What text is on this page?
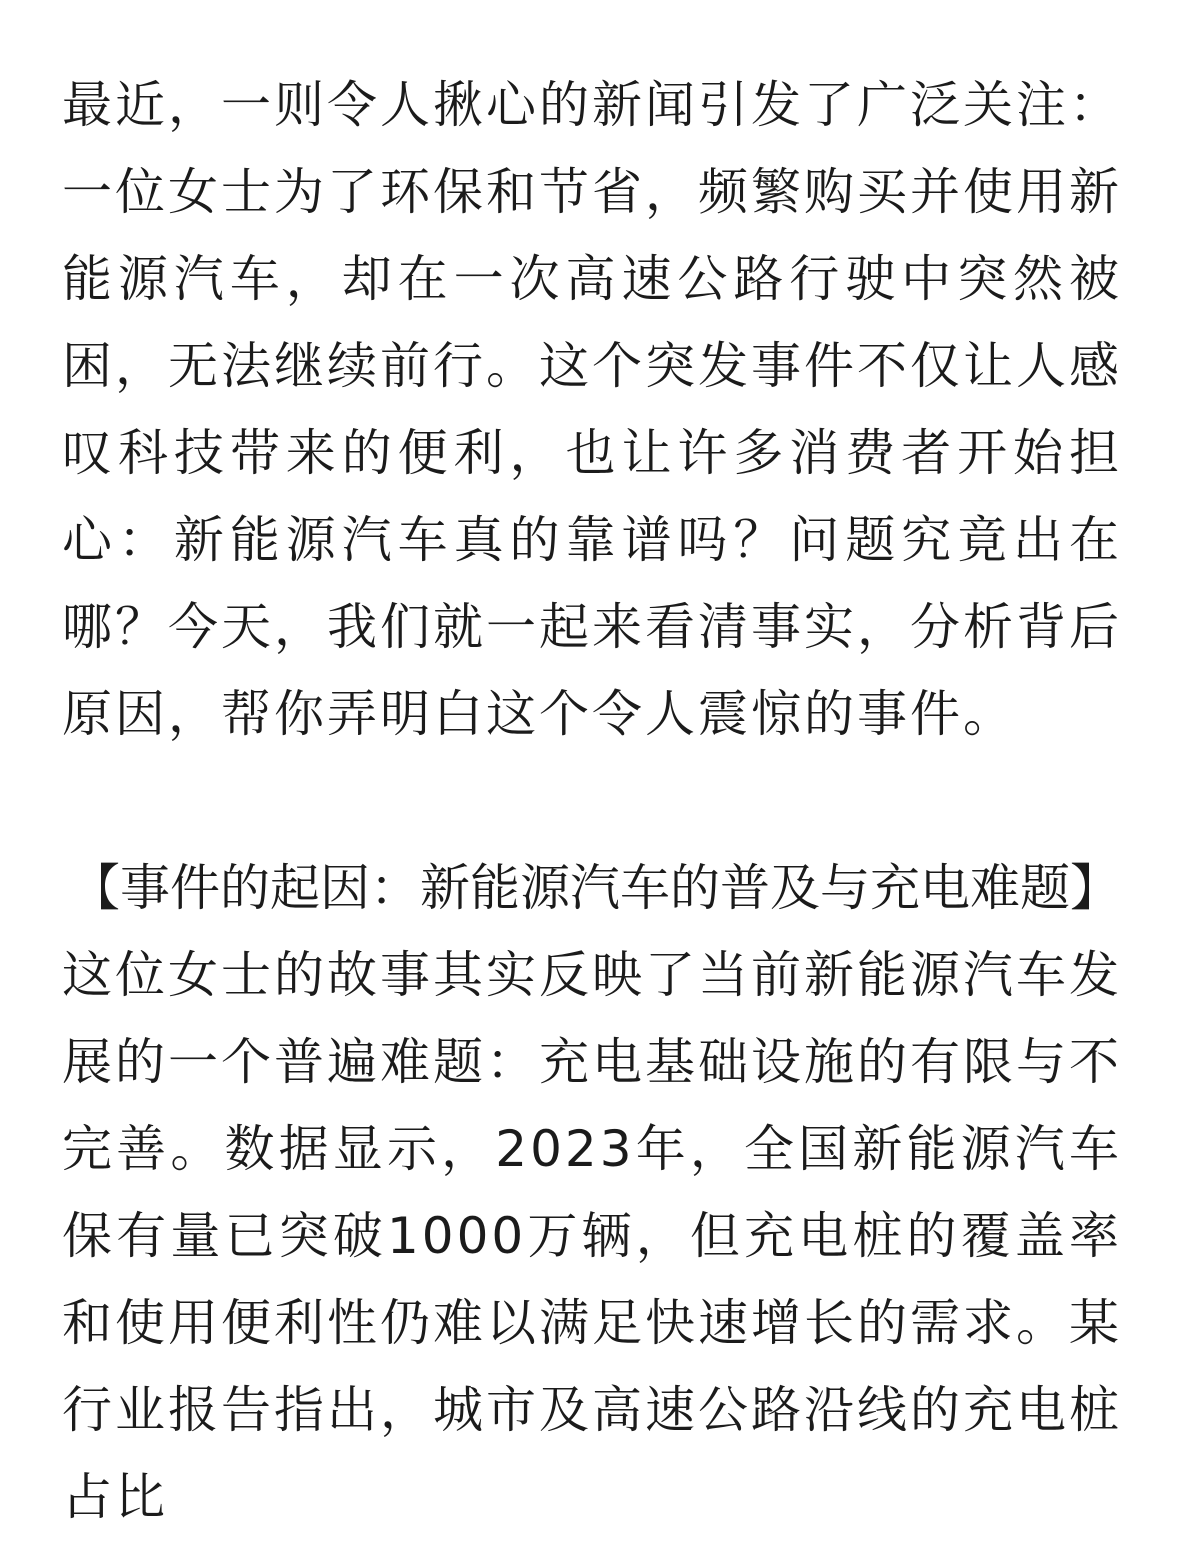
最近，一则令人揪心的新闻引发了广泛关注：一位女士为了环保和节省，频繁购买并使用新能源汽车，却在一次高速公路行驶中突然被困，无法继续前行。这个突发事件不仅让人感叹科技带来的便利，也让许多消费者开始担心：新能源汽车真的靠谱吗？问题究竟出在哪？今天，我们就一起来看清事实，分析背后原因，帮你弄明白这个令人震惊的事件。

【事件的起因：新能源汽车的普及与充电难题】

这位女士的故事其实反映了当前新能源汽车发展的一个普遍难题：充电基础设施的有限与不完善。数据显示，2023年，全国新能源汽车保有量已突破1000万辆，但充电桩的覆盖率和使用便利性仍难以满足快速增长的需求。某行业报告指出，城市及高速公路沿线的充电桩占比
